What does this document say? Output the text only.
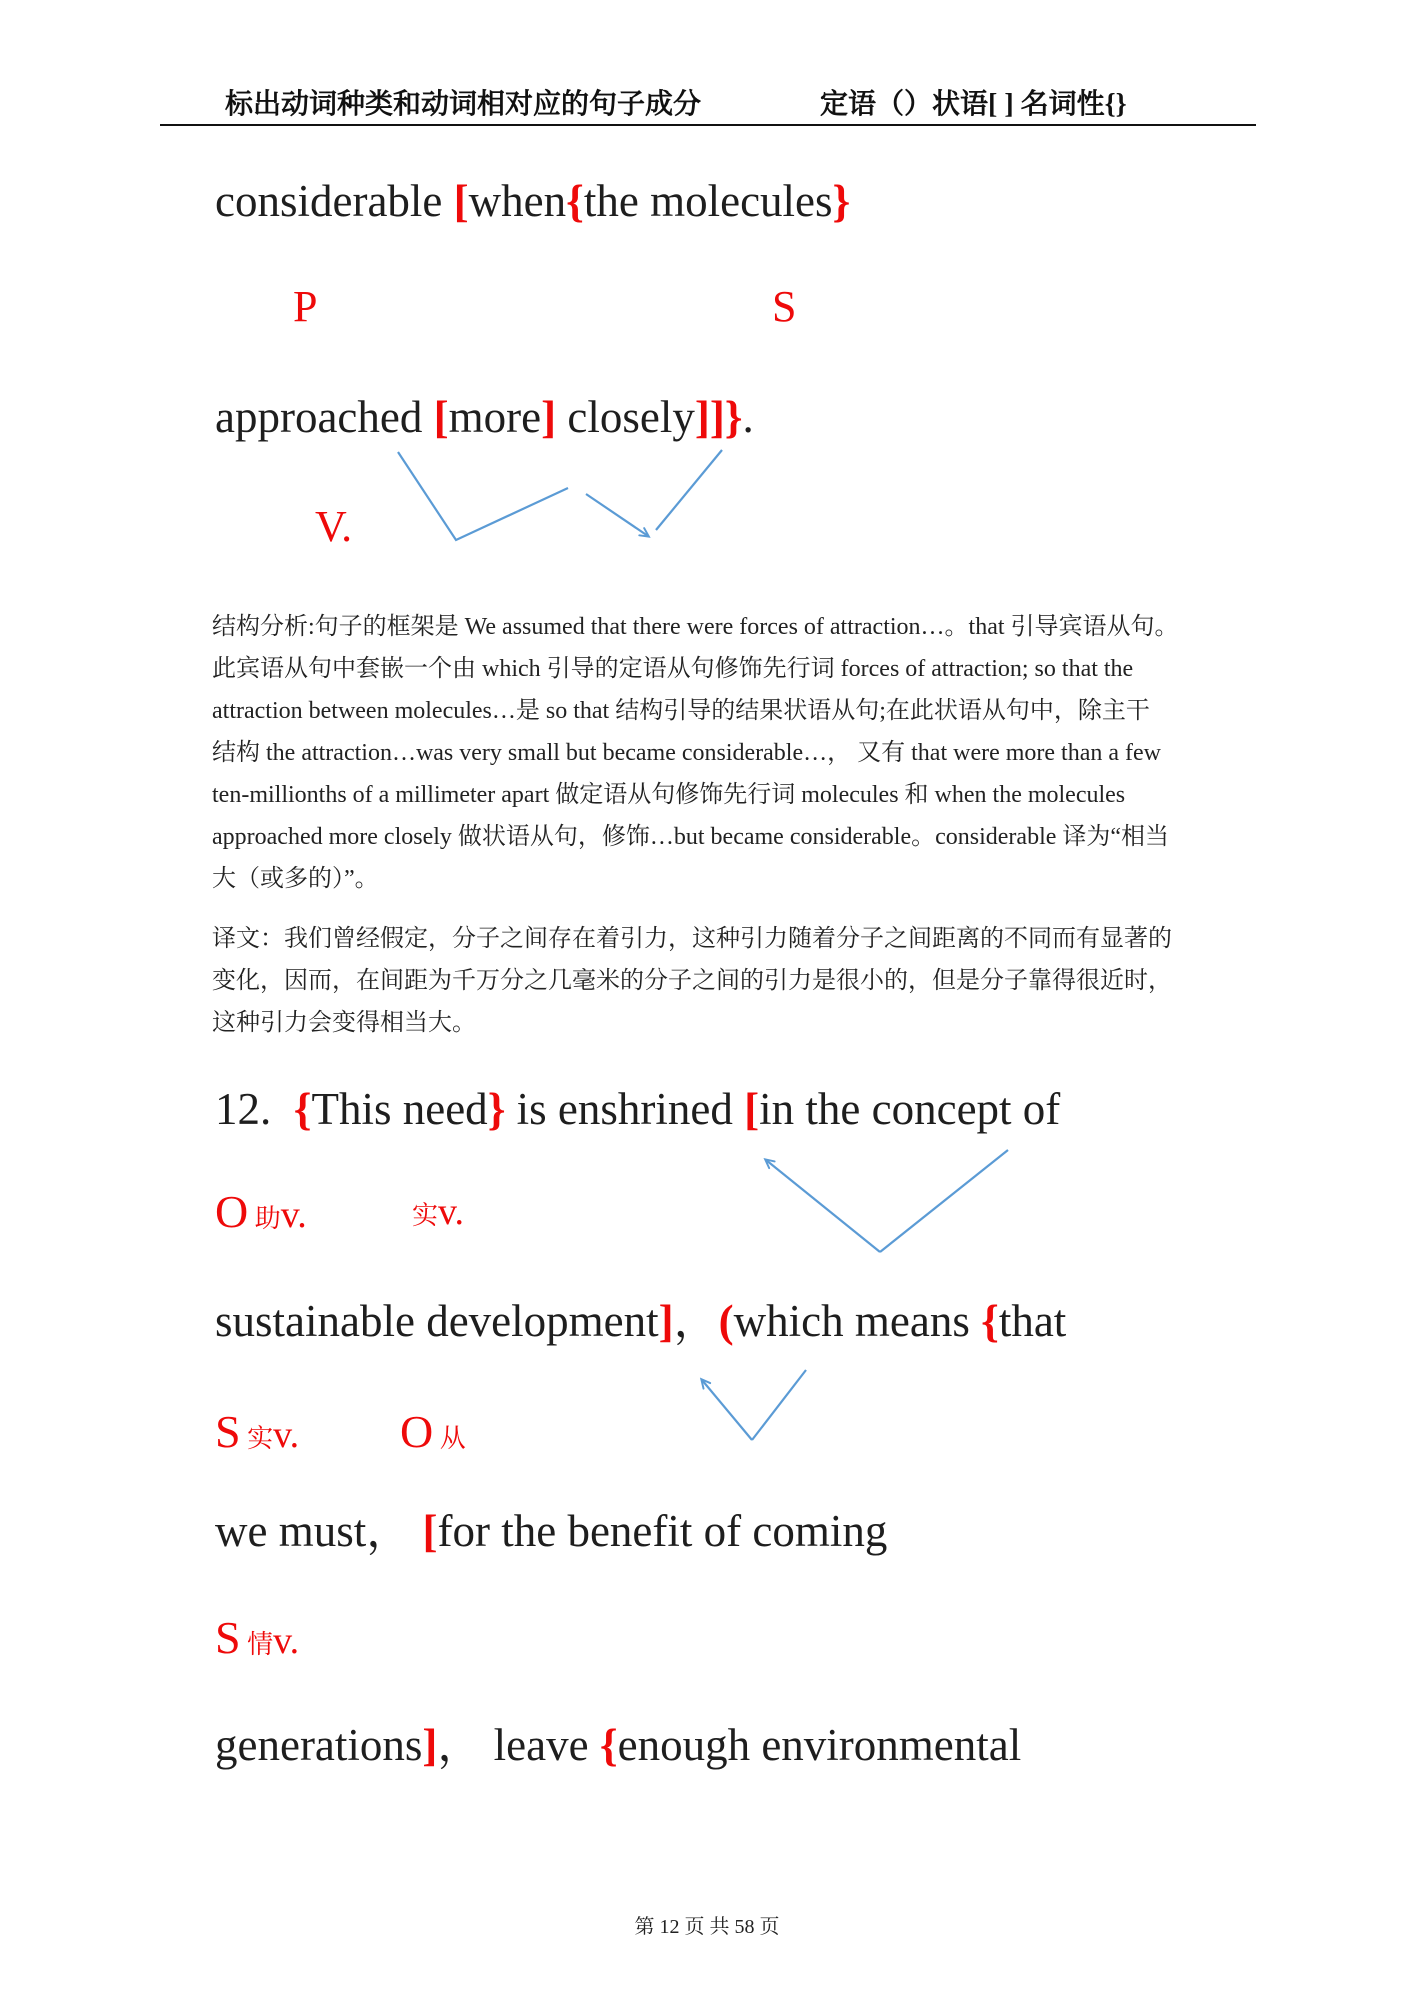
标出动词种类和动词相对应的句子成分	定语（）状语[ ] 名词性{}
considerable [when{the molecules}
P	S
approached [more] closely]]}.
V.
结构分析:句子的框架是 We assumed that there were forces of attraction…。that 引导宾语从句。
此宾语从句中套嵌一个由 which 引导的定语从句修饰先行词 forces of attraction; so that the
attraction between molecules…是 so that 结构引导的结果状语从句;在此状语从句中，除主干
结构 the attraction…was very small but became considerable…， 又有 that were more than a few
ten-millionths of a millimeter apart 做定语从句修饰先行词 molecules 和 when the molecules
approached more closely 做状语从句，修饰…but became considerable。considerable 译为“相当
大（或多的）”。
译文：我们曾经假定，分子之间存在着引力，这种引力随着分子之间距离的不同而有显著的
变化，因而，在间距为千万分之几毫米的分子之间的引力是很小的，但是分子靠得很近时，
这种引力会变得相当大。
12.  {This need} is enshrined [in the concept of
O 助v.	实v.
sustainable development]，(which means {that
S 实v. O 从
we must， [for the benefit of coming
S 情v.
generations]， leave {enough environmental
第 12 页 共 58 页
